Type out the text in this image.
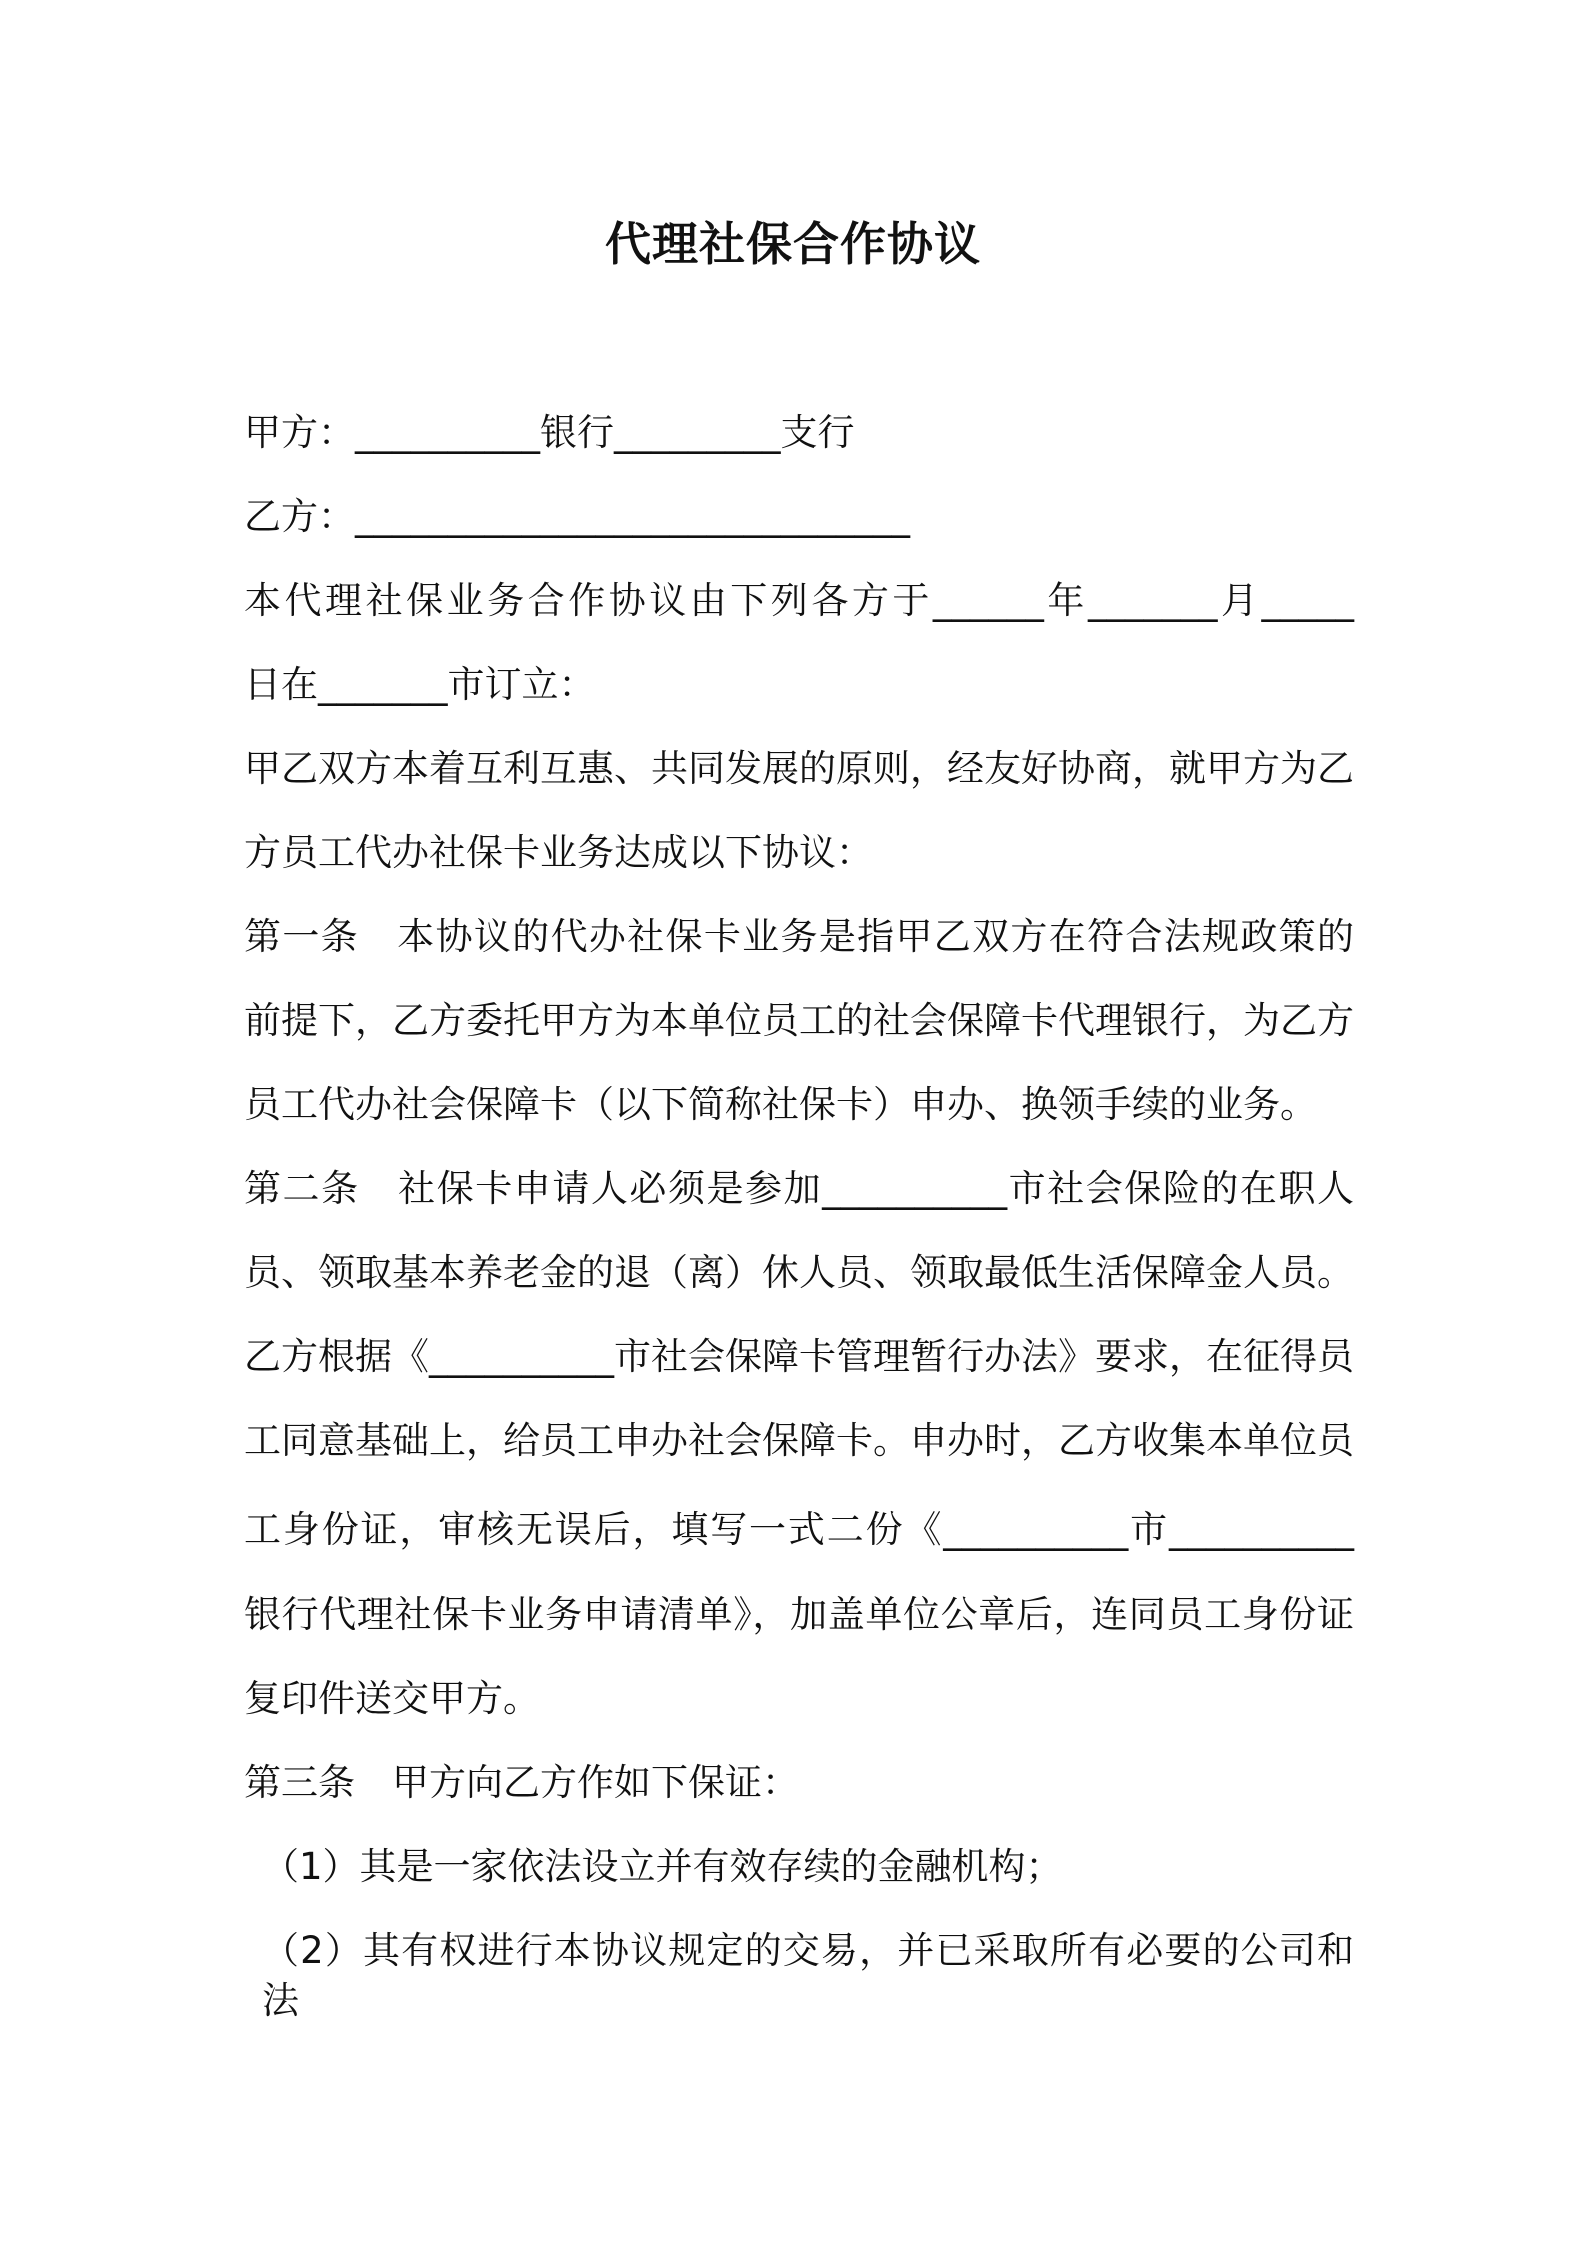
代理社保合作协议
甲方：__________银行_________支行
乙方：______________________________
本代理社保业务合作协议由下列各方于______年_______月_____
日在_______市订立：
甲乙双方本着互利互惠、共同发展的原则，经友好协商，就甲方为乙
方员工代办社保卡业务达成以下协议：
第一条　本协议的代办社保卡业务是指甲乙双方在符合法规政策的
前提下，乙方委托甲方为本单位员工的社会保障卡代理银行，为乙方
员工代办社会保障卡（以下简称社保卡）申办、换领手续的业务。
第二条　社保卡申请人必须是参加__________市社会保险的在职人
员、领取基本养老金的退（离）休人员、领取最低生活保障金人员。
乙方根据《__________市社会保障卡管理暂行办法》要求，在征得员
工同意基础上，给员工申办社会保障卡。申办时，乙方收集本单位员
工身份证，审核无误后，填写一式二份《__________市__________
银行代理社保卡业务申请清单》，加盖单位公章后，连同员工身份证
复印件送交甲方。
第三条　甲方向乙方作如下保证：
（1）其是一家依法设立并有效存续的金融机构；
（2）其有权进行本协议规定的交易，并已采取所有必要的公司和法
